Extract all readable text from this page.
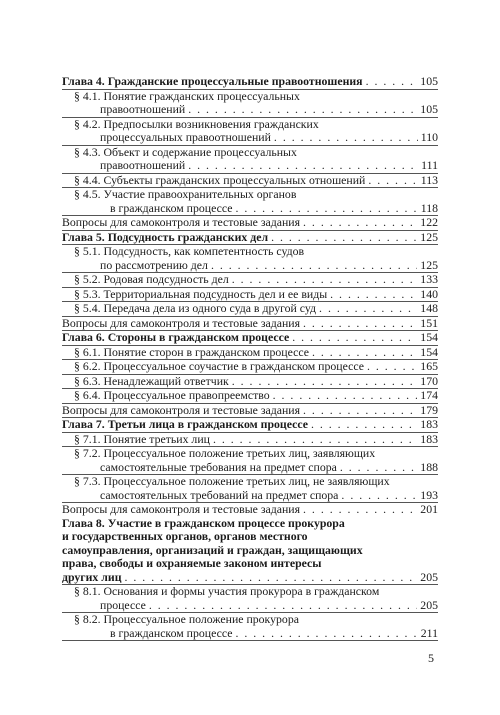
Глава 4. Гражданские процессуальные правоотношения . . .	105
§ 4.1. Понятие гражданских процессуальных
правоотношений . . .	105
§ 4.2. Предпосылки возникновения гражданских
процессуальных правоотношений . . .	110
§ 4.3. Объект и содержание процессуальных
правоотношений . . .	111
§ 4.4. Субъекты гражданских процессуальных отношений . . .	113
§ 4.5. Участие правоохранительных органов
в гражданском процессе . . .	118
Вопросы для самоконтроля и тестовые задания . . .	122
Глава 5. Подсудность гражданских дел . . .	125
§ 5.1. Подсудность, как компетентность судов
по рассмотрению дел . . .	125
§ 5.2. Родовая подсудность дел . . .	133
§ 5.3. Территориальная подсудность дел и ее виды . . .	140
§ 5.4. Передача дела из одного суда в другой суд . . .	148
Вопросы для самоконтроля и тестовые задания . . .	151
Глава 6. Стороны в гражданском процессе . . .	154
§ 6.1. Понятие сторон в гражданском процессе . . .	154
§ 6.2. Процессуальное соучастие в гражданском процессе . . .	165
§ 6.3. Ненадлежащий ответчик . . .	170
§ 6.4. Процессуальное правопреемство . . .	174
Вопросы для самоконтроля и тестовые задания . . .	179
Глава 7. Третьи лица в гражданском процессе . . .	183
§ 7.1. Понятие третьих лиц . . .	183
§ 7.2. Процессуальное положение третьих лиц, заявляющих
самостоятельные требования на предмет спора . . .	188
§ 7.3. Процессуальное положение третьих лиц, не заявляющих
самостоятельных требований на предмет спора . . .	193
Вопросы для самоконтроля и тестовые задания . . .	201
Глава 8. Участие в гражданском процессе прокурора
и государственных органов, органов местного
самоуправления, организаций и граждан, защищающих
права, свободы и охраняемые законом интересы
других лиц . . .	205
§ 8.1. Основания и формы участия прокурора в гражданском
процессе . . .	205
§ 8.2. Процессуальное положение прокурора
в гражданском процессе . . .	211
5
